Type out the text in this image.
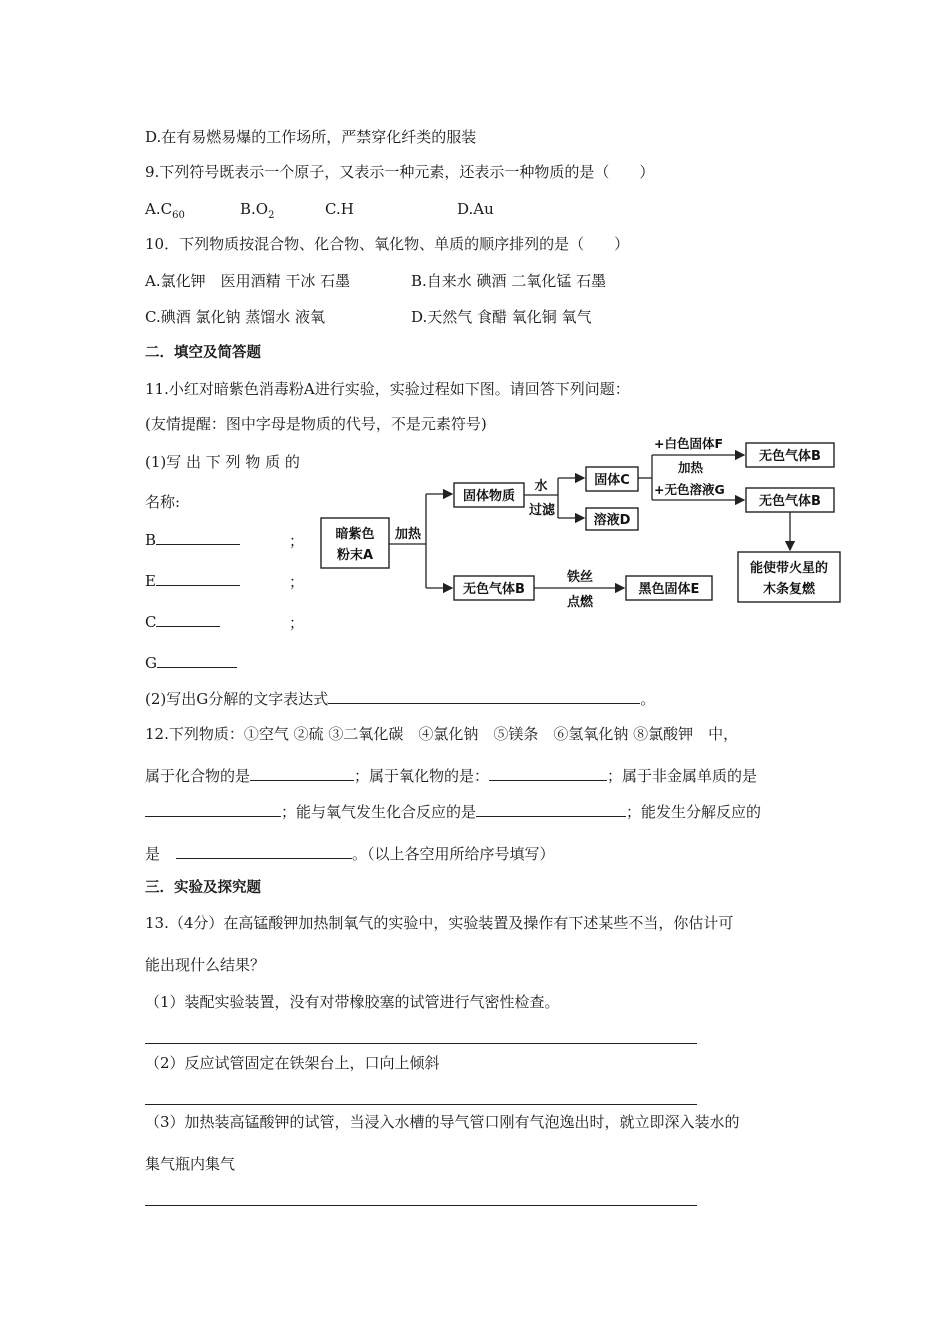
D.在有易燃易爆的工作场所，严禁穿化纤类的服装
9.下列符号既表示一个原子，又表示一种元素，还表示一种物质的是（　　）
$A.C_{60}$	$B.O_2$	C.H	D.Au
10．下列物质按混合物、化合物、氧化物、单质的顺序排列的是（　　）
A.氯化钾　医用酒精 干冰 石墨	B.自来水 碘酒 二氧化锰 石墨
C.碘酒 氯化钠 蒸馏水 液氧	D.天然气 食醋 氧化铜 氧气
二．填空及简答题
11.小红对暗紫色消毒粉A进行实验，实验过程如下图。请回答下列问题：
(友情提醒：图中字母是物质的代号，不是元素符号)
(1)写 出 下 列 物 质 的
名称:
B	；
E	；
C	；
G
暗紫色
粉末A
加热
固体物质
水
过滤
固体C
溶液D
+白色固体F
加热
+无色溶液G
无色气体B
无色气体B
能使带火星的
木条复燃
无色气体B
铁丝
点燃
黑色固体E
(2)写出G分解的文字表达式	。
12.下列物质：①空气 ②硫 ③二氧化碳　④氯化钠　⑤镁条　⑥氢氧化钠 ⑧氯酸钾　中，
属于化合物的是	；属于氧化物的是：	；属于非金属单质的是
；能与氧气发生化合反应的是	；能发生分解反应的
是	。（以上各空用所给序号填写）
三．实验及探究题
13.（4分）在高锰酸钾加热制氧气的实验中，实验装置及操作有下述某些不当，你估计可
能出现什么结果？
（1）装配实验装置，没有对带橡胶塞的试管进行气密性检查。
（2）反应试管固定在铁架台上，口向上倾斜
（3）加热装高锰酸钾的试管，当浸入水槽的导气管口刚有气泡逸出时，就立即深入装水的
集气瓶内集气
